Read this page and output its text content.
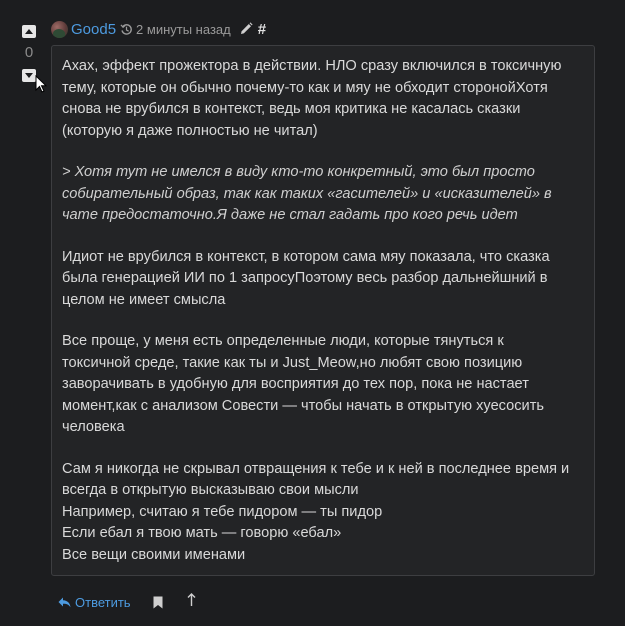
0
Good5 2 минуты назад #

Ахах, эффект прожектора в действии. НЛО сразу включился в токсичную
тему, которые он обычно почему-то как и мяу не обходит сторонойХотя
снова не врубился в контекст, ведь моя критика не касалась сказки
(которую я даже полностью не читал)

> Хотя тут не имелся в виду кто-то конкретный, это был просто
собирательный образ, так как таких «гасителей» и «исказителей» в
чате предостаточно.Я даже не стал гадать про кого речь идет

Идиот не врубился в контекст, в котором сама мяу показала, что сказка
была генерацией ИИ по 1 запросуПоэтому весь разбор дальнейшний в
целом не имеет смысла

Все проще, у меня есть определенные люди, которые тянуться к
токсичной среде, такие как ты и Just_Meow,но любят свою позицию
заворачивать в удобную для восприятия до тех пор, пока не настает
момент,как с анализом Совести — чтобы начать в открытую хуесосить
человека

Сам я никогда не скрывал отвращения к тебе и к ней в последнее время и
всегда в открытую высказываю свои мысли
Например, считаю я тебе пидором — ты пидор
Если ебал я твою мать — говорю «ебал»
Все вещи своими именами

Ответить
